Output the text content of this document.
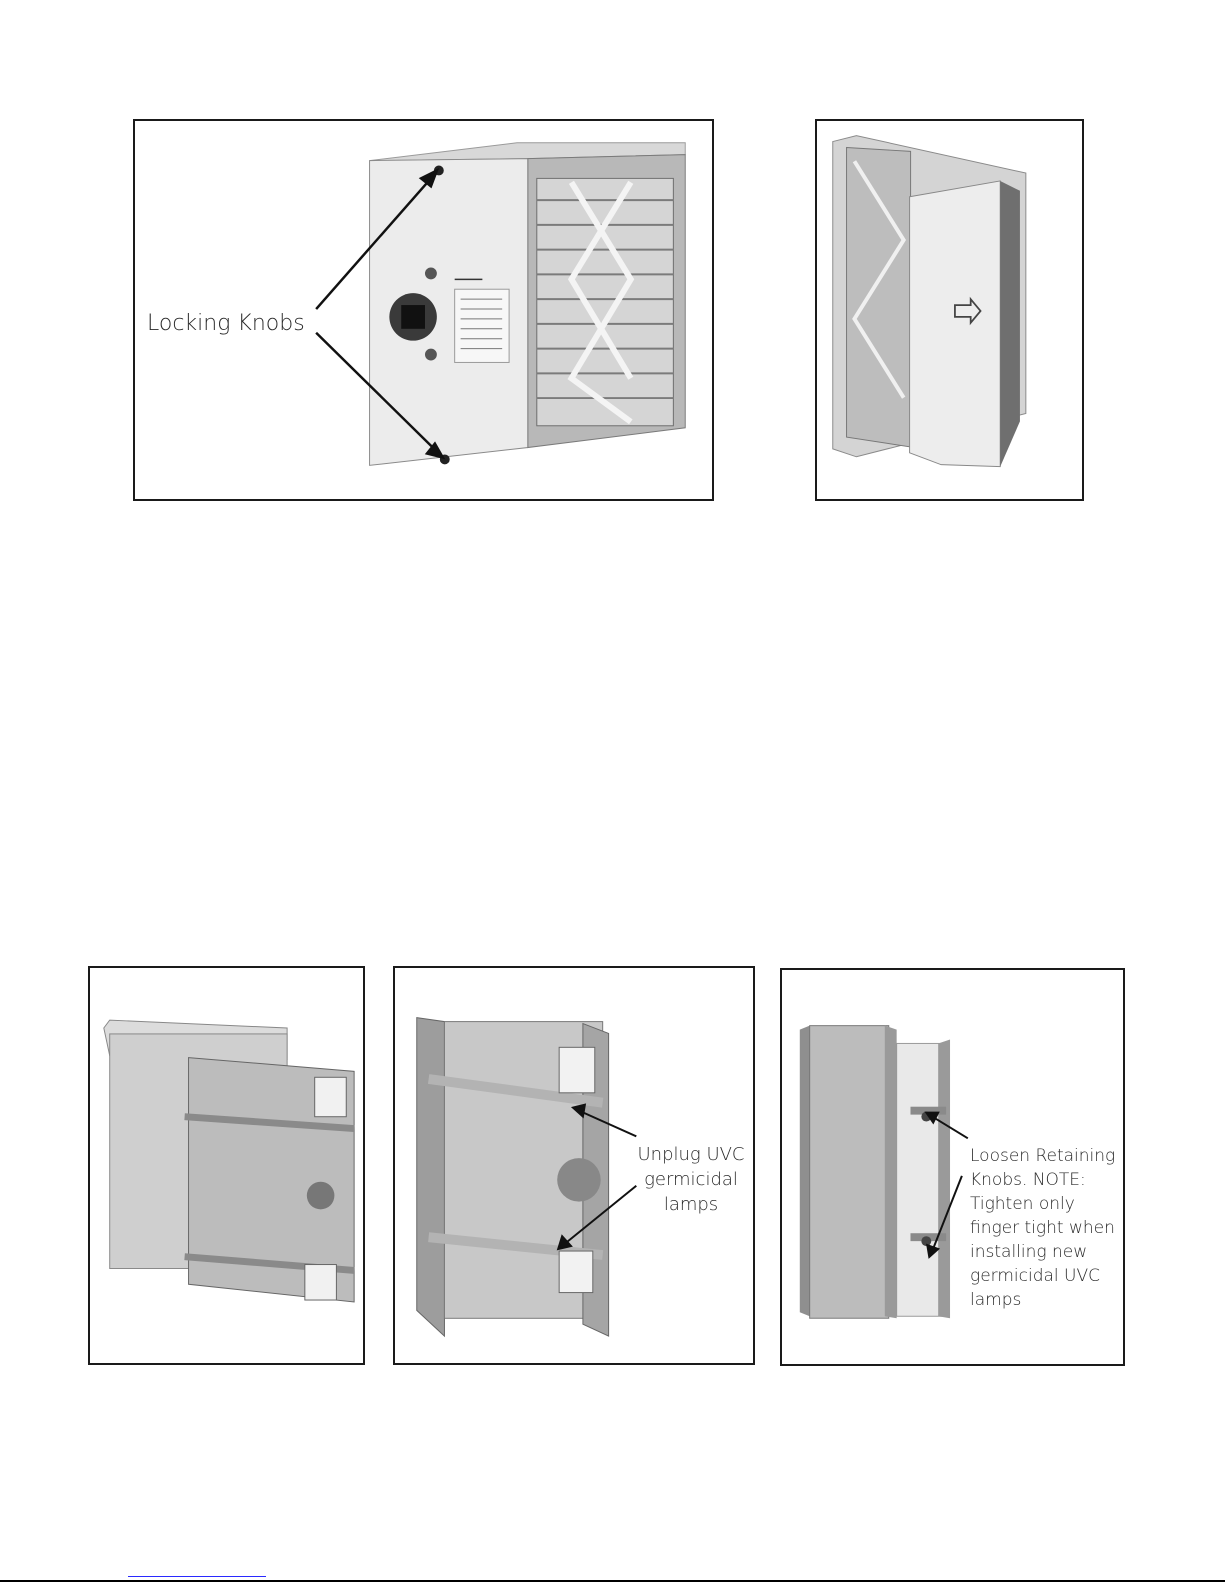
Locking Knobs
Unplug UVC
germicidal
lamps
Loosen Retaining
Knobs. NOTE:
Tighten only
finger tight when
installing new
germicidal UVC
lamps
